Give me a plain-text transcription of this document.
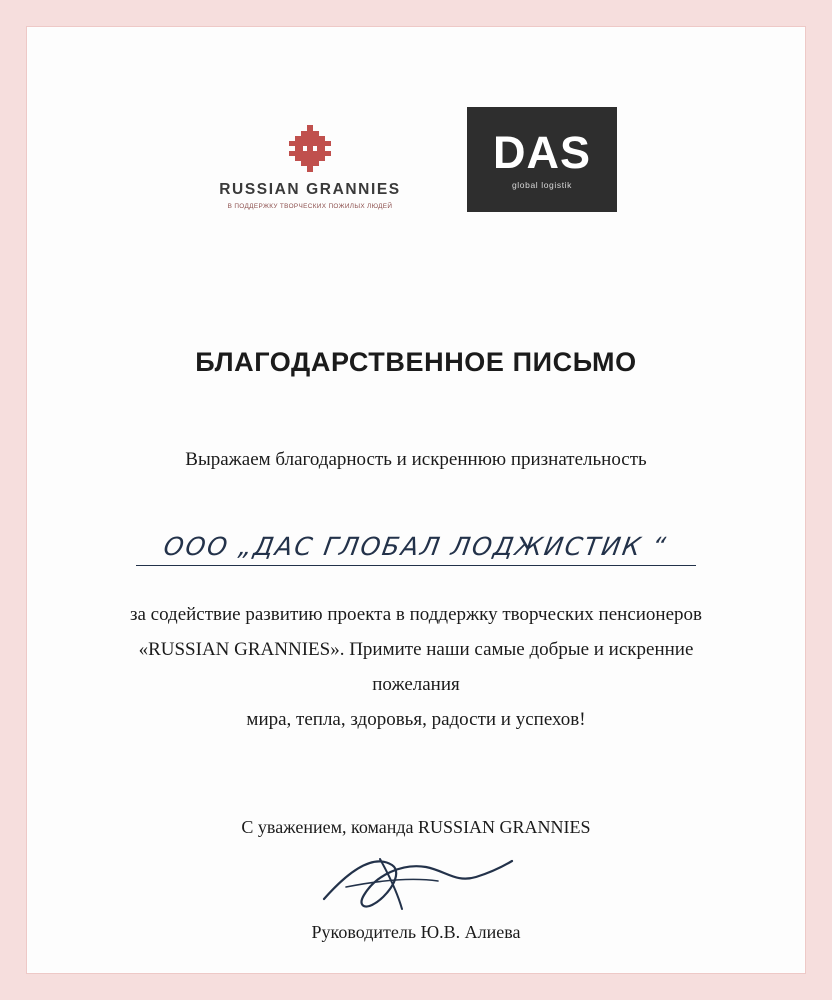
RUSSIAN GRANNIES
В ПОДДЕРЖКУ ТВОРЧЕСКИХ ПОЖИЛЫХ ЛЮДЕЙ
DAS
global logistik
БЛАГОДАРСТВЕННОЕ ПИСЬМО
Выражаем благодарность и искреннюю признательность
ООО „ДАС ГЛОБАЛ ЛОДЖИСТИК “
за содействие развитию проекта в поддержку творческих пенсионеров
«RUSSIAN GRANNIES». Примите наши самые добрые и искренние пожелания
мира, тепла, здоровья, радости и успехов!
С уважением, команда RUSSIAN GRANNIES
Руководитель Ю.В. Алиева
